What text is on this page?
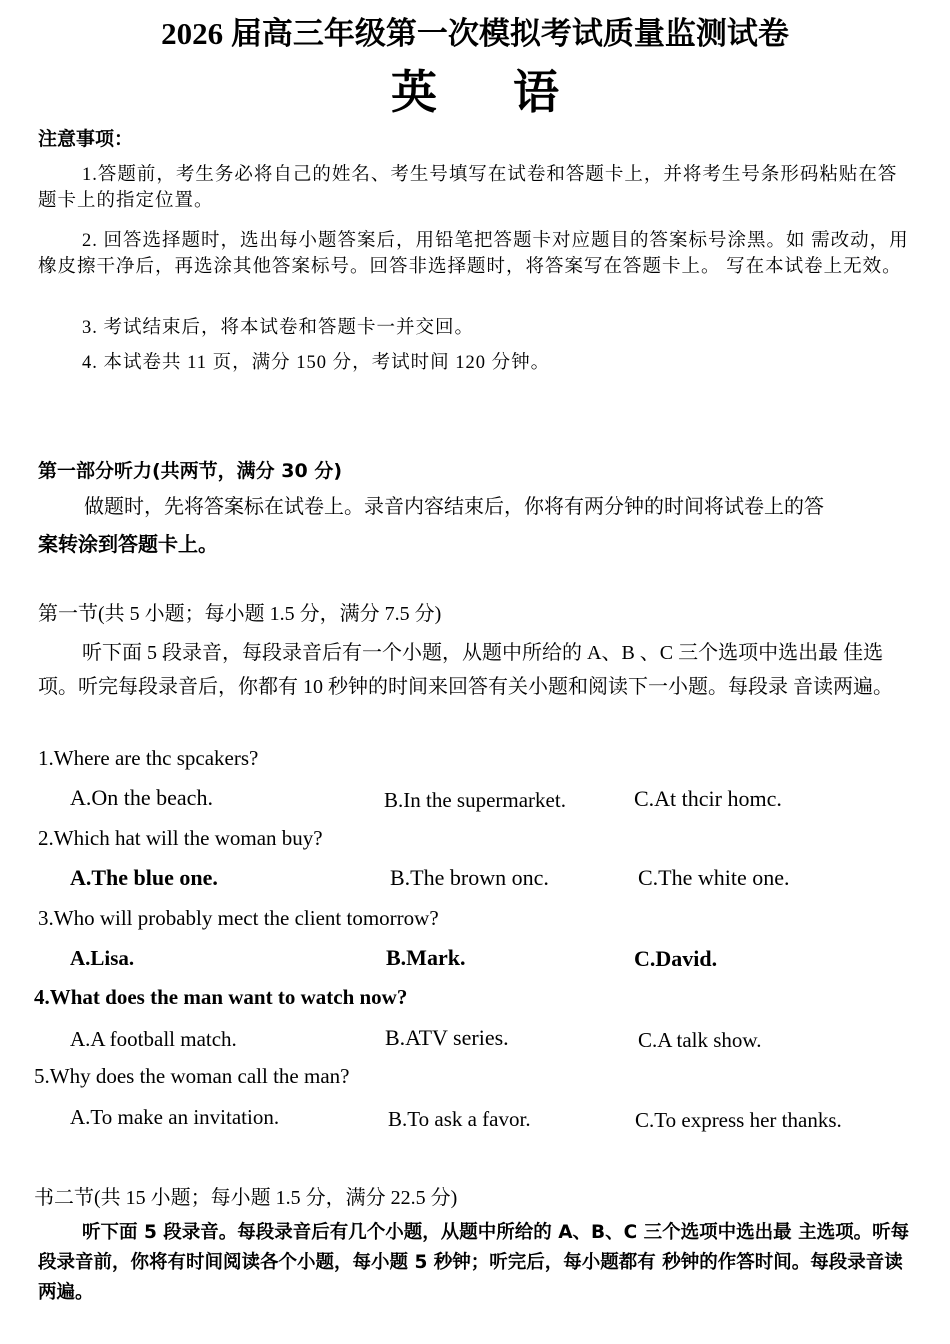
2026 届高三年级第一次模拟考试质量监测试卷
英 语
注意事项：
1.答题前，考生务必将自己的姓名、考生号填写在试卷和答题卡上，并将考生号条形码粘贴在答题卡上的指定位置。
2. 回答选择题时，选出每小题答案后，用铅笔把答题卡对应题目的答案标号涂黑。如 需改动，用橡皮擦干净后，再选涂其他答案标号。回答非选择题时，将答案写在答题卡上。 写在本试卷上无效。
3. 考试结束后，将本试卷和答题卡一并交回。
4. 本试卷共 11 页，满分 150 分，考试时间 120 分钟。
第一部分听力(共两节，满分 30 分)
做题时，先将答案标在试卷上。录音内容结束后，你将有两分钟的时间将试卷上的答
案转涂到答题卡上。
第一节(共 5 小题；每小题 1.5 分，满分 7.5 分)
听下面 5 段录音，每段录音后有一个小题，从题中所给的 A、B 、C 三个选项中选出最 佳选项。听完每段录音后，你都有 10 秒钟的时间来回答有关小题和阅读下一小题。每段录 音读两遍。
1.Where are thc spcakers?
A.On the beach.	B.In the supermarket.	C.At thcir homc.
2.Which hat will the woman buy?
A.The blue one.	B.The brown onc.	C.The white one.
3.Who will probably mect the client tomorrow?
A.Lisa.	B.Mark.	C.David.
4.What does the man want to watch now?
A.A football match.	B.ATV series.	C.A talk show.
5.Why does the woman call the man?
A.To make an invitation.	B.To ask a favor.	C.To express her thanks.
书二节(共 15 小题；每小题 1.5 分，满分 22.5 分)
听下面 5 段录音。每段录音后有几个小题，从题中所给的 A、B、C 三个选项中选出最 主选项。听每段录音前，你将有时间阅读各个小题，每小题 5 秒钟；听完后，每小题都有 秒钟的作答时间。每段录音读两遍。
